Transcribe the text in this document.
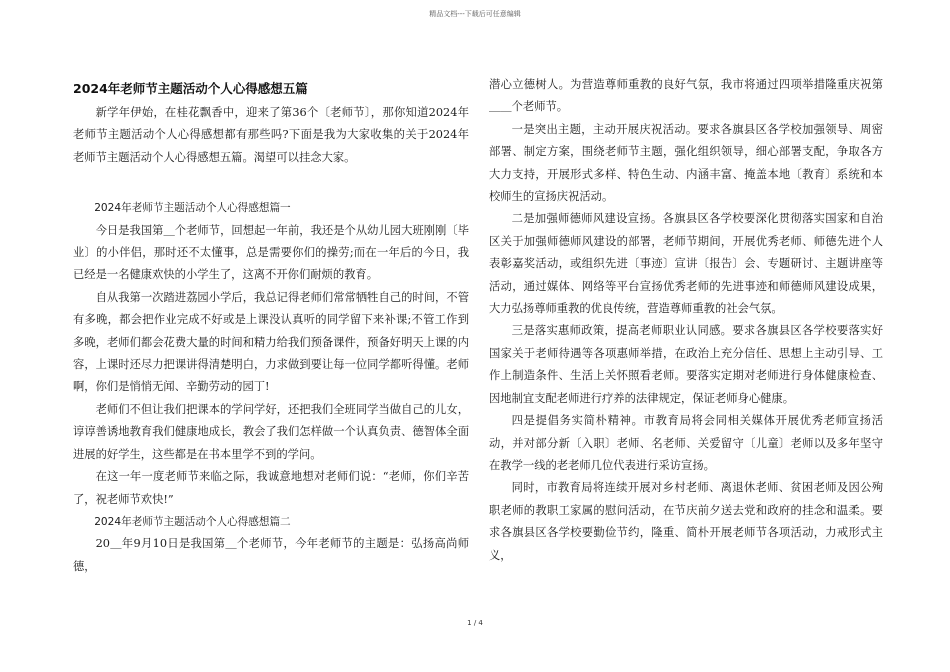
精品文档---下载后可任意编辑
2024年老师节主题活动个人心得感想五篇

新学年伊始，在桂花飘香中，迎来了第36个〔老师节〕，那你知道2024年老师节主题活动个人心得感想都有那些吗?下面是我为大家收集的关于2024年老师节主题活动个人心得感想五篇。渴望可以挂念大家。

2024年老师节主题活动个人心得感想篇一

今日是我国第＿个老师节，回想起一年前，我还是个从幼儿园大班刚刚〔毕业〕的小伴侣，那时还不太懂事，总是需要你们的操劳;而在一年后的今日，我已经是一名健康欢快的小学生了，这离不开你们耐烦的教育。

自从我第一次踏进荔园小学后，我总记得老师们常常牺牲自己的时间，不管有多晚，都会把作业完成不好或是上课没认真听的同学留下来补课;不管工作到多晚，老师们都会花费大量的时间和精力给我们预备课件，预备好明天上课的内容，上课时还尽力把课讲得清楚明白，力求做到要让每一位同学都听得懂。老师啊，你们是悄悄无闻、辛勤劳动的园丁!

老师们不但让我们把课本的学问学好，还把我们全班同学当做自己的儿女，谆谆善诱地教育我们健康地成长，教会了我们怎样做一个认真负责、德智体全面进展的好学生，这些都是在书本里学不到的学问。

在这一年一度老师节来临之际，我诚意地想对老师们说：“老师，你们辛苦了，祝老师节欢快!”

2024年老师节主题活动个人心得感想篇二

20＿年9月10日是我国第＿个老师节，今年老师节的主题是：弘扬高尚师德，

潜心立德树人。为营造尊师重教的良好气氛，我市将通过四项举措隆重庆祝第＿＿个老师节。

一是突出主题，主动开展庆祝活动。要求各旗县区各学校加强领导、周密部署、制定方案，围绕老师节主题，强化组织领导，细心部署支配，争取各方大力支持，开展形式多样、特色生动、内涵丰富、掩盖本地〔教育〕系统和本校师生的宣扬庆祝活动。

二是加强师德师风建设宣扬。各旗县区各学校要深化贯彻落实国家和自治区关于加强师德师风建设的部署，老师节期间，开展优秀老师、师德先进个人表彰嘉奖活动，或组织先进〔事迹〕宣讲〔报告〕会、专题研讨、主题讲座等活动，通过媒体、网络等平台宣扬优秀老师的先进事迹和师德师风建设成果，大力弘扬尊师重教的优良传统，营造尊师重教的社会气氛。

三是落实惠师政策，提高老师职业认同感。要求各旗县区各学校要落实好国家关于老师待遇等各项惠师举措，在政治上充分信任、思想上主动引导、工作上制造条件、生活上关怀照看老师。要落实定期对老师进行身体健康检查、因地制宜支配老师进行疗养的法律规定，保证老师身心健康。

四是提倡务实简朴精神。市教育局将会同相关媒体开展优秀老师宣扬活动，并对部分新〔入职〕老师、名老师、关爱留守〔儿童〕老师以及多年坚守在教学一线的老老师几位代表进行采访宣扬。

同时，市教育局将连续开展对乡村老师、离退休老师、贫困老师及因公殉职老师的教职工家属的慰问活动，在节庆前夕送去党和政府的挂念和温柔。要求各旗县区各学校要勤俭节约，隆重、简朴开展老师节各项活动，力戒形式主义，

1 / 4
